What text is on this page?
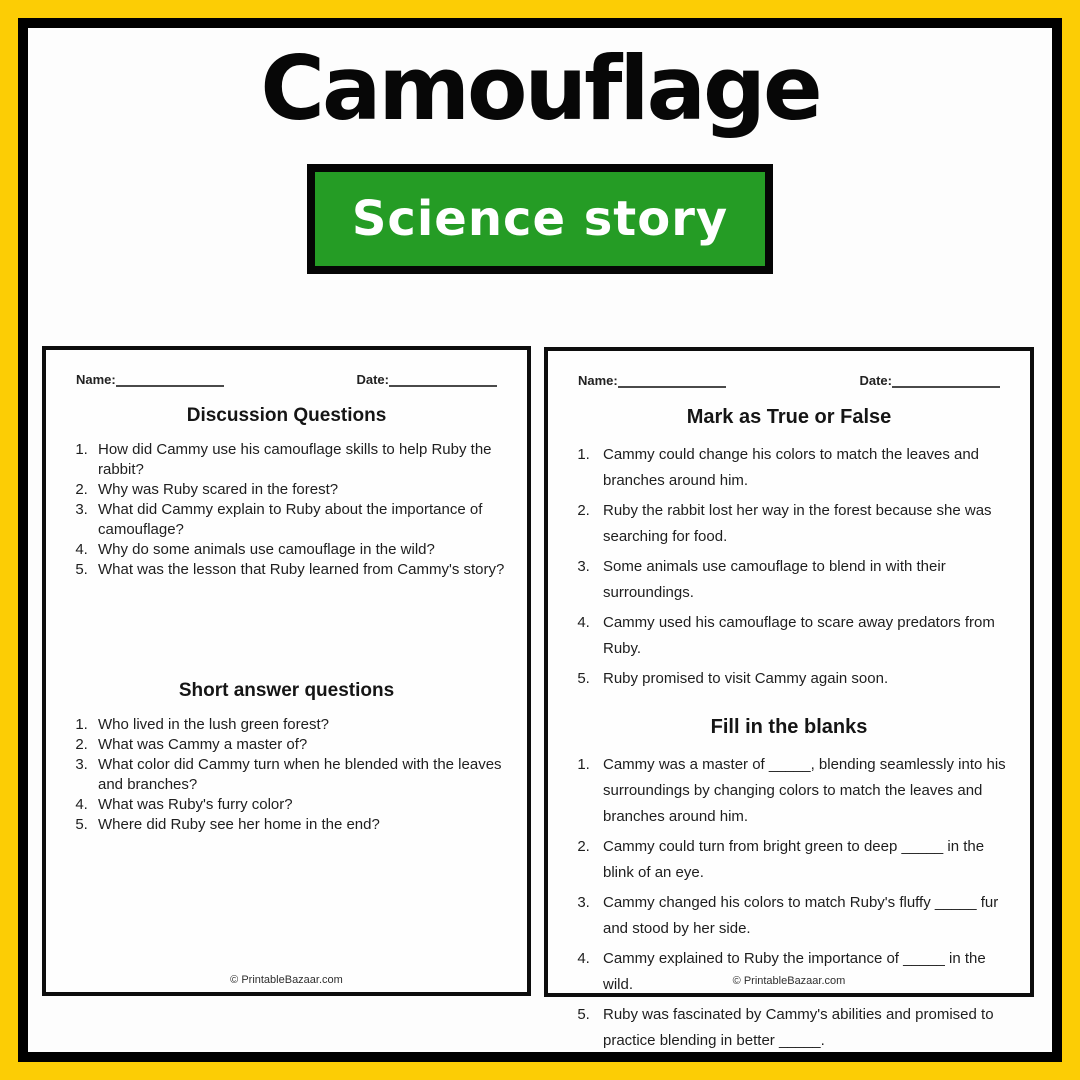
Camouflage
Science story
Name:	Date:
Discussion Questions
1. How did Cammy use his camouflage skills to help Ruby the rabbit?
2. Why was Ruby scared in the forest?
3. What did Cammy explain to Ruby about the importance of camouflage?
4. Why do some animals use camouflage in the wild?
5. What was the lesson that Ruby learned from Cammy's story?
Short answer questions
1. Who lived in the lush green forest?
2. What was Cammy a master of?
3. What color did Cammy turn when he blended with the leaves and branches?
4. What was Ruby's furry color?
5. Where did Ruby see her home in the end?
© PrintableBazaar.com
Name:	Date:
Mark as True or False
1. Cammy could change his colors to match the leaves and branches around him.
2. Ruby the rabbit lost her way in the forest because she was searching for food.
3. Some animals use camouflage to blend in with their surroundings.
4. Cammy used his camouflage to scare away predators from Ruby.
5. Ruby promised to visit Cammy again soon.
Fill in the blanks
1. Cammy was a master of _____, blending seamlessly into his surroundings by changing colors to match the leaves and branches around him.
2. Cammy could turn from bright green to deep _____ in the blink of an eye.
3. Cammy changed his colors to match Ruby's fluffy _____ fur and stood by her side.
4. Cammy explained to Ruby the importance of _____ in the wild.
5. Ruby was fascinated by Cammy's abilities and promised to practice blending in better _____.
© PrintableBazaar.com
